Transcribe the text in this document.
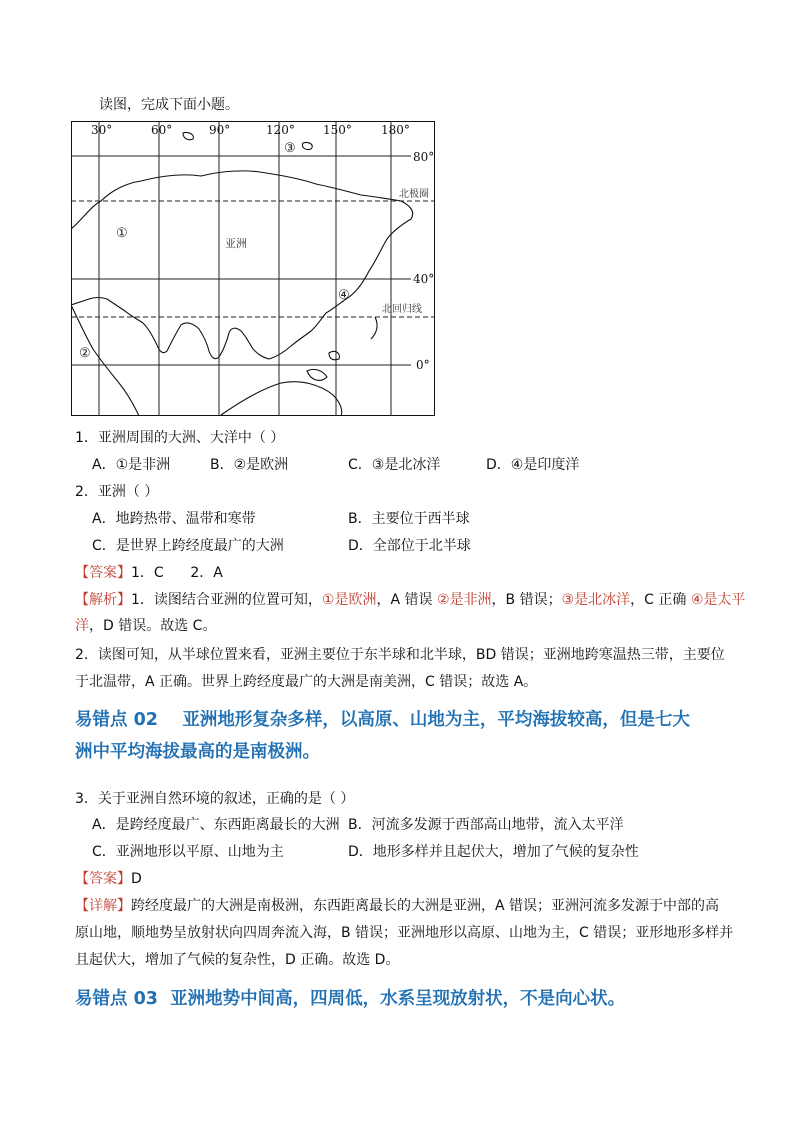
读图，完成下面小题。
30°	60°	90°	120° 150° 180°
80°
40°
0°
北极圈
北回归线
亚洲
①
②
③
④
1．亚洲周围的大洲、大洋中（ ）
A．①是非洲	B．②是欧洲	C．③是北冰洋	D．④是印度洋
2．亚洲（ ）
A．地跨热带、温带和寒带	B．主要位于西半球
C．是世界上跨经度最广的大洲	D．全部位于北半球
【答案】1．C      2．A
【解析】1．读图结合亚洲的位置可知，①是欧洲，A 错误 ②是非洲，B 错误；③是北冰洋，C 正确 ④是太平
洋，D 错误。故选 C。
2．读图可知，从半球位置来看，亚洲主要位于东半球和北半球，BD 错误；亚洲地跨寒温热三带，主要位
于北温带，A 正确。世界上跨经度最广的大洲是南美洲，C 错误；故选 A。
易错点 02    亚洲地形复杂多样，以高原、山地为主，平均海拔较高，但是七大
洲中平均海拔最高的是南极洲。
3．关于亚洲自然环境的叙述，正确的是（ ）
A．是跨经度最广、东西距离最长的大洲 B．河流多发源于西部高山地带，流入太平洋
C．亚洲地形以平原、山地为主	D．地形多样并且起伏大，增加了气候的复杂性
【答案】D
【详解】跨经度最广的大洲是南极洲，东西距离最长的大洲是亚洲，A 错误；亚洲河流多发源于中部的高
原山地，顺地势呈放射状向四周奔流入海，B 错误；亚洲地形以高原、山地为主，C 错误；亚形地形多样并
且起伏大，增加了气候的复杂性，D 正确。故选 D。
易错点 03  亚洲地势中间高，四周低，水系呈现放射状，不是向心状。
